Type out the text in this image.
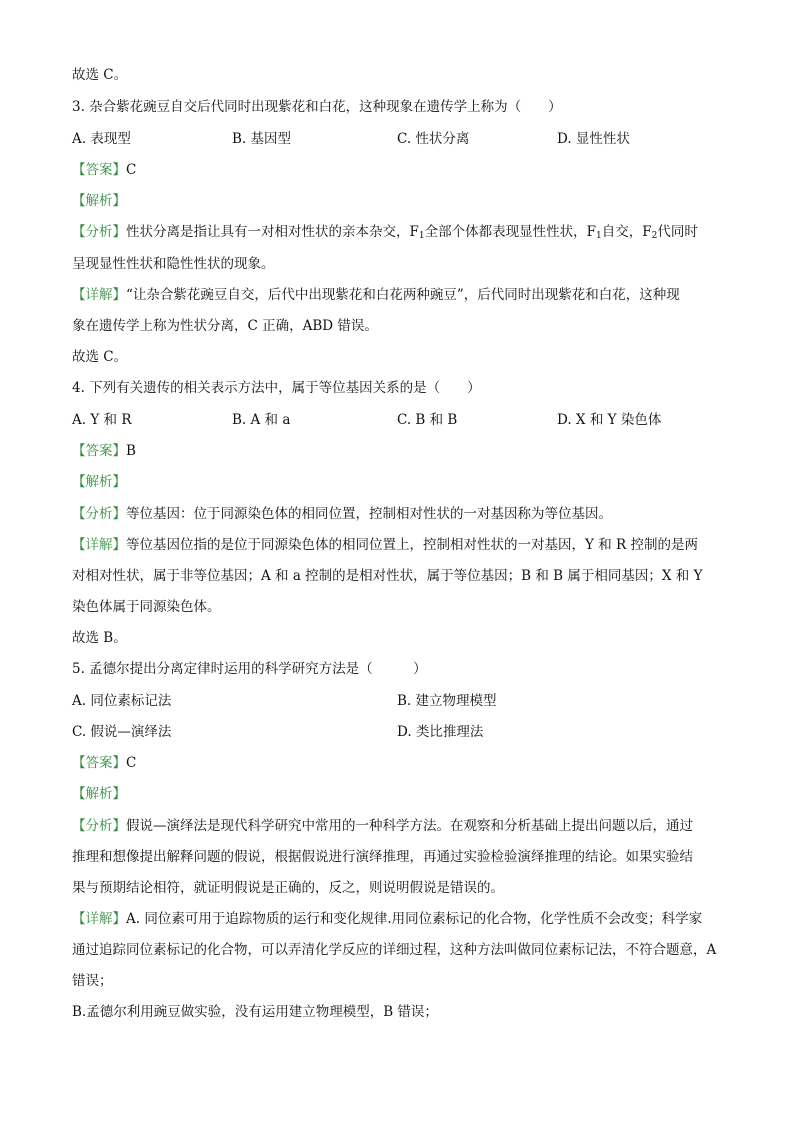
故选 C。
3. 杂合紫花豌豆自交后代同时出现紫花和白花，这种现象在遗传学上称为（　　）
A. 表现型	B. 基因型	C. 性状分离	D. 显性性状
【答案】C
【解析】
【分析】性状分离是指让具有一对相对性状的亲本杂交，$F_1$全部个体都表现显性性状，$F_1$自交，$F_2$代同时
呈现显性性状和隐性性状的现象。
【详解】“让杂合紫花豌豆自交，后代中出现紫花和白花两种豌豆”，后代同时出现紫花和白花，这种现
象在遗传学上称为性状分离，C 正确，ABD 错误。
故选 C。
4. 下列有关遗传的相关表示方法中，属于等位基因关系的是（　　）
A. Y 和 R	B. A 和 a	C. B 和 B	D. X 和 Y 染色体
【答案】B
【解析】
【分析】等位基因：位于同源染色体的相同位置，控制相对性状的一对基因称为等位基因。
【详解】等位基因位指的是位于同源染色体的相同位置上，控制相对性状的一对基因，Y 和 R 控制的是两
对相对性状，属于非等位基因；A 和 a 控制的是相对性状，属于等位基因；B 和 B 属于相同基因；X 和 Y
染色体属于同源染色体。
故选 B。
5. 孟德尔提出分离定律时运用的科学研究方法是（　　　）
A. 同位素标记法	B. 建立物理模型
C. 假说—演绎法	D. 类比推理法
【答案】C
【解析】
【分析】假说—演绎法是现代科学研究中常用的一种科学方法。在观察和分析基础上提出问题以后，通过
推理和想像提出解释问题的假说，根据假说进行演绎推理，再通过实验检验演绎推理的结论。如果实验结
果与预期结论相符，就证明假说是正确的，反之，则说明假说是错误的。
【详解】A. 同位素可用于追踪物质的运行和变化规律.用同位素标记的化合物，化学性质不会改变；科学家
通过追踪同位素标记的化合物，可以弄清化学反应的详细过程，这种方法叫做同位素标记法，不符合题意，A
错误；
B.孟德尔利用豌豆做实验，没有运用建立物理模型，B 错误；
